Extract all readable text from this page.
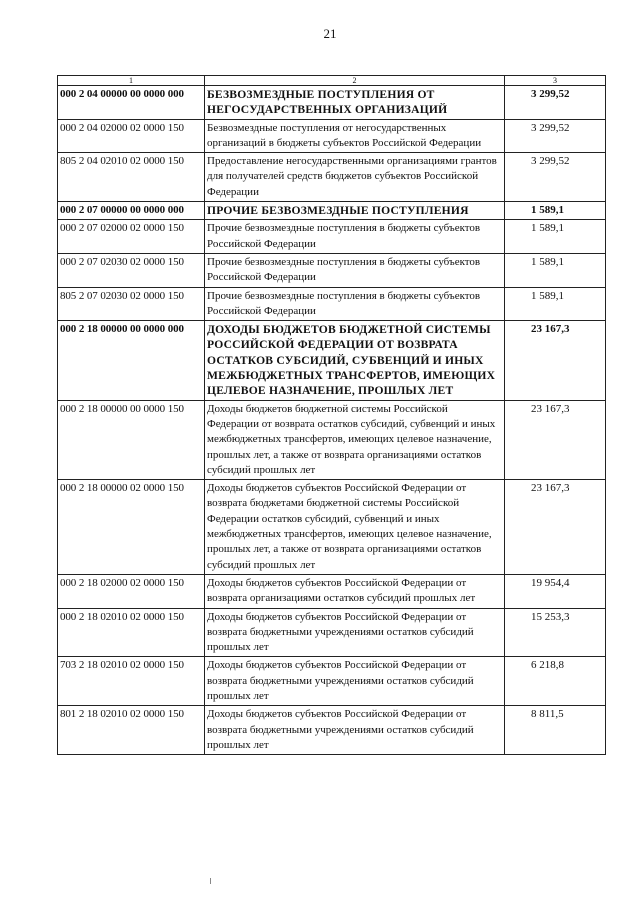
21
1	2	3
000 2 04 00000 00 0000 000	БЕЗВОЗМЕЗДНЫЕ ПОСТУПЛЕНИЯ ОТ НЕГОСУДАРСТВЕННЫХ ОРГАНИЗАЦИЙ	3 299,52
000 2 04 02000 02 0000 150	Безвозмездные поступления от негосударственных организаций в бюджеты субъектов Российской Федерации	3 299,52
805 2 04 02010 02 0000 150	Предоставление негосударственными организациями грантов для получателей средств бюджетов субъектов Российской Федерации	3 299,52
000 2 07 00000 00 0000 000	ПРОЧИЕ БЕЗВОЗМЕЗДНЫЕ ПОСТУПЛЕНИЯ	1 589,1
000 2 07 02000 02 0000 150	Прочие безвозмездные поступления в бюджеты субъектов Российской Федерации	1 589,1
000 2 07 02030 02 0000 150	Прочие безвозмездные поступления в бюджеты субъектов Российской Федерации	1 589,1
805 2 07 02030 02 0000 150	Прочие безвозмездные поступления в бюджеты субъектов Российской Федерации	1 589,1
000 2 18 00000 00 0000 000	ДОХОДЫ БЮДЖЕТОВ БЮДЖЕТНОЙ СИСТЕМЫ РОССИЙСКОЙ ФЕДЕРАЦИИ ОТ ВОЗВРАТА ОСТАТКОВ СУБСИДИЙ, СУБВЕНЦИЙ И ИНЫХ МЕЖБЮДЖЕТНЫХ ТРАНСФЕРТОВ, ИМЕЮЩИХ ЦЕЛЕВОЕ НАЗНАЧЕНИЕ, ПРОШЛЫХ ЛЕТ	23 167,3
000 2 18 00000 00 0000 150	Доходы бюджетов бюджетной системы Российской Федерации от возврата остатков субсидий, субвенций и иных межбюджетных трансфертов, имеющих целевое назначение, прошлых лет, а также от возврата организациями остатков субсидий прошлых лет	23 167,3
000 2 18 00000 02 0000 150	Доходы бюджетов субъектов Российской Федерации от возврата бюджетами бюджетной системы Российской Федерации остатков субсидий, субвенций и иных межбюджетных трансфертов, имеющих целевое назначение, прошлых лет, а также от возврата организациями остатков субсидий прошлых лет	23 167,3
000 2 18 02000 02 0000 150	Доходы бюджетов субъектов Российской Федерации от возврата организациями остатков субсидий прошлых лет	19 954,4
000 2 18 02010 02 0000 150	Доходы бюджетов субъектов Российской Федерации от возврата бюджетными учреждениями остатков субсидий прошлых лет	15 253,3
703 2 18 02010 02 0000 150	Доходы бюджетов субъектов Российской Федерации от возврата бюджетными учреждениями остатков субсидий прошлых лет	6 218,8
801 2 18 02010 02 0000 150	Доходы бюджетов субъектов Российской Федерации от возврата бюджетными учреждениями остатков субсидий прошлых лет	8 811,5
